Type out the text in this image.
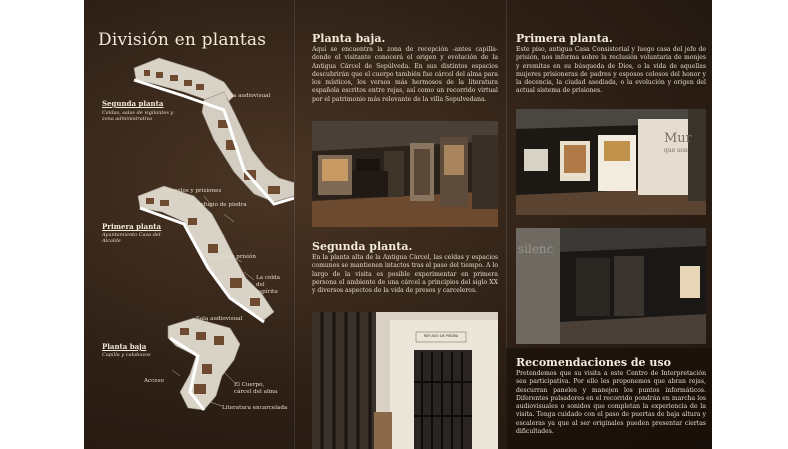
División en plantas
Segunda planta
Celdas, salas de vigilantes y zona administrativa
Sala audiovisual
Primera planta
Ayuntamiento Casa del Alcalde
Cárcelos y prisiones
Refugio de piedra
La noble prisión
La celda del espíritu
Planta baja
Capilla y calabozos
Sala audiovisual
Acceso
El Cuerpo, cárcel del alma
Literatura encarcelada
Planta baja.
Aquí se encuentra la zona de recepción -antes capilla- donde el visitante conocerá el origen y evolución de la Antigua Cárcel de Sepúlveda. En sus distintos espacios descubrirán que el cuerpo también fue cárcel del alma para los místicos, los versos más hermosos de la literatura española escritos entre rejas, así como un recorrido virtual por el patrimonio más relevante de la villa Sepulvedana.
Segunda planta.
En la planta alta de la Antigua Cárcel, las celdas y espacios comunes se mantienen intactos tras el paso del tiempo. A lo largo de la visita es posible experimentar en primera persona el ambiente de una cárcel a principios del siglo XX y diversos aspectos de la vida de presos y carceleros.
REFUGIO DE PIEDRA
Primera planta.
Este piso, antigua Casa Consistorial y luego casa del jefe de prisión, nos informa sobre la reclusión voluntaria de monjes y eremitas en su búsqueda de Dios, o la vida de aquellas mujeres prisioneras de padres y esposos celosos del honor y la decencia, la ciudad asediada, o la evolución y origen del actual sistema de prisiones.
Mur
que son
silenc
Recomendaciones de uso
Pretendemos que su visita a este Centro de Interpretación sea participativa. Por ello les proponemos que abran rejas, descurran paneles y manejen los puntos informáticos. Diferentes pulsadores en el recorrido pondrán en marcha los audiovisuales o sonidos que completan la experiencia de la visita. Tenga cuidado con el paso de puertas de baja altura y escaleras ya que al ser originales pueden presentar ciertas dificultades.
